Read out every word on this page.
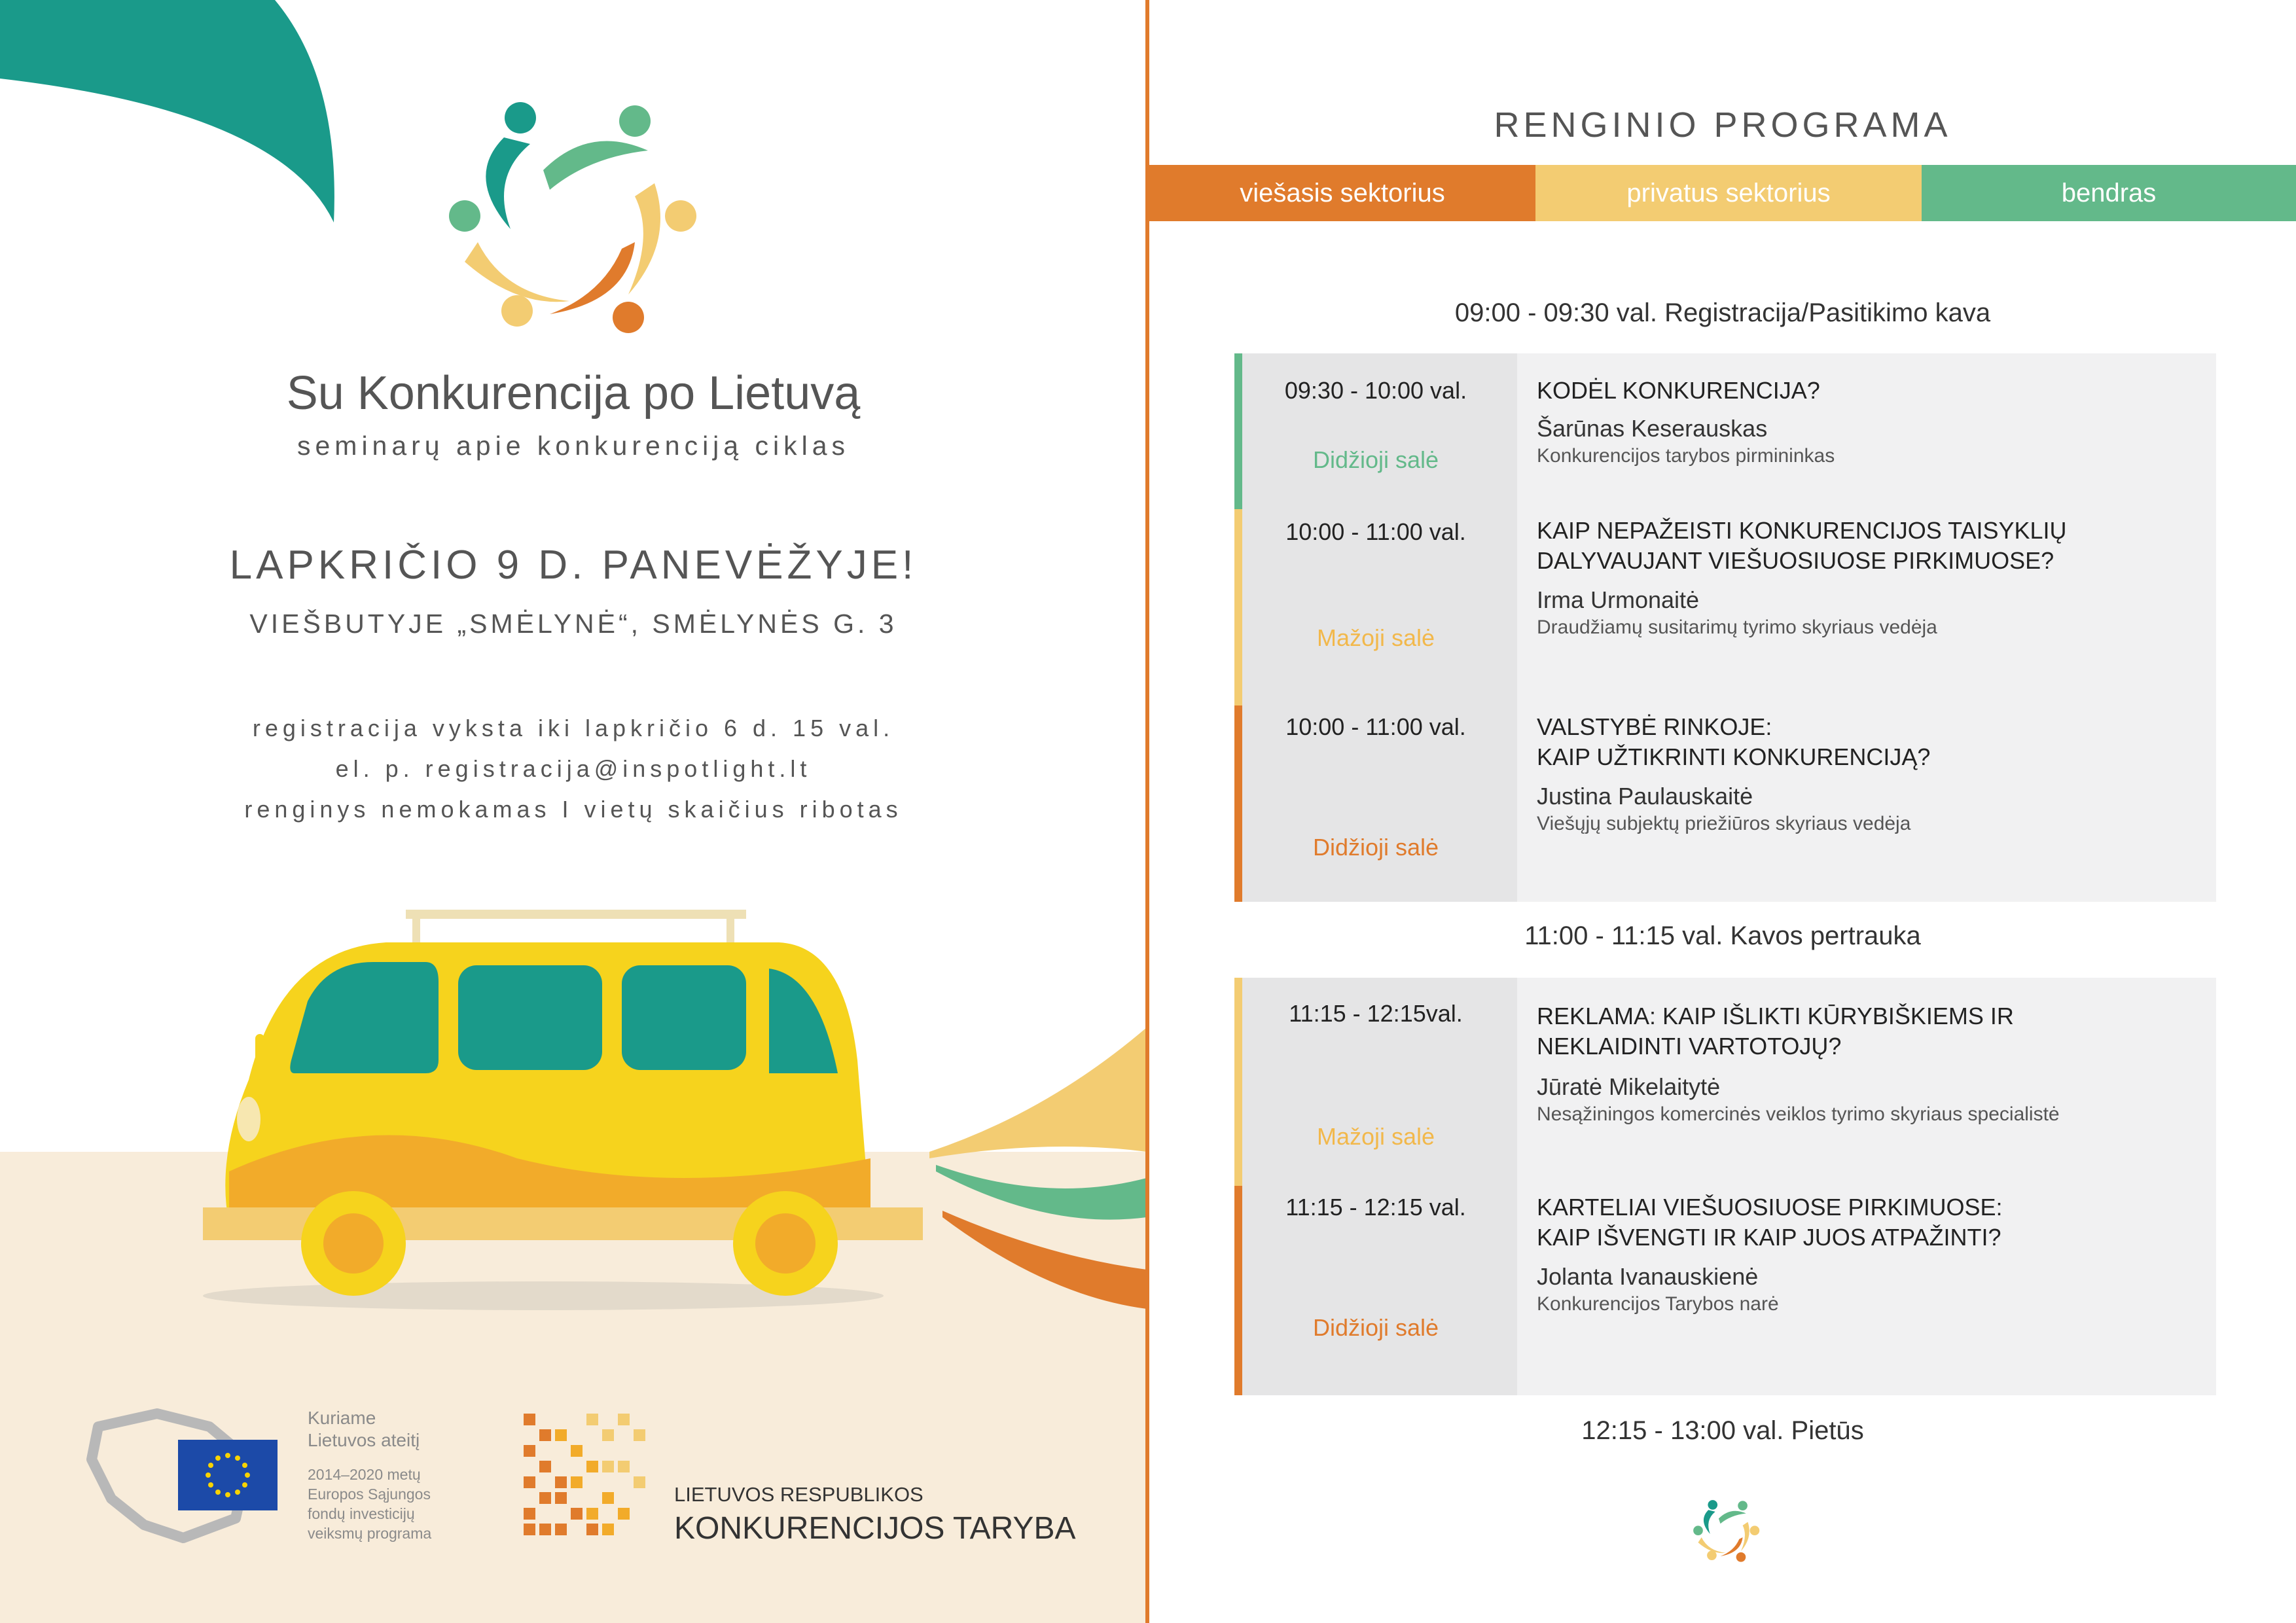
Su Konkurencija po Lietuvą
seminarų apie konkurenciją ciklas
LAPKRIČIO 9 D. PANEVĖŽYJE!
VIEŠBUTYJE „SMĖLYNĖ“, SMĖLYNĖS G. 3
registracija vyksta iki lapkričio 6 d. 15 val.
el. p. registracija@inspotlight.lt
renginys nemokamas I vietų skaičius ribotas
Kuriame
Lietuvos ateitį
2014–2020 metų
Europos Sąjungos
fondų investicijų
veiksmų programa
LIETUVOS RESPUBLIKOS
KONKURENCIJOS TARYBA
RENGINIO PROGRAMA
viešasis sektorius	privatus sektorius	bendras
09:00 - 09:30 val. Registracija/Pasitikimo kava
09:30 - 10:00 val.
Didžioji salė
KODĖL KONKURENCIJA?
Šarūnas Keserauskas
Konkurencijos tarybos pirmininkas
10:00 - 11:00 val.
Mažoji salė
KAIP NEPAŽEISTI KONKURENCIJOS TAISYKLIŲ
DALYVAUJANT VIEŠUOSIUOSE PIRKIMUOSE?
Irma Urmonaitė
Draudžiamų susitarimų tyrimo skyriaus vedėja
10:00 - 11:00 val.
Didžioji salė
VALSTYBĖ RINKOJE:
KAIP UŽTIKRINTI KONKURENCIJĄ?
Justina Paulauskaitė
Viešųjų subjektų priežiūros skyriaus vedėja
11:00 - 11:15 val. Kavos pertrauka
11:15 - 12:15val.
Mažoji salė
REKLAMA: KAIP IŠLIKTI KŪRYBIŠKIEMS IR
NEKLAIDINTI VARTOTOJŲ?
Jūratė Mikelaitytė
Nesąžiningos komercinės veiklos tyrimo skyriaus specialistė
11:15 - 12:15 val.
Didžioji salė
KARTELIAI VIEŠUOSIUOSE PIRKIMUOSE:
KAIP IŠVENGTI IR KAIP JUOS ATPAŽINTI?
Jolanta Ivanauskienė
Konkurencijos Tarybos narė
12:15 - 13:00 val. Pietūs
